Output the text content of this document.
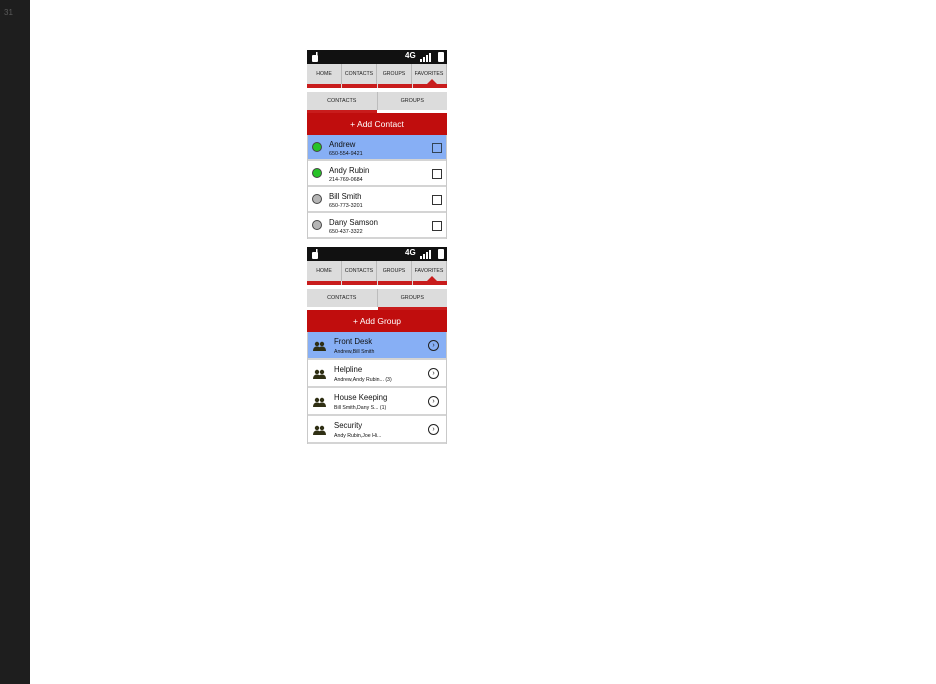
31
4G
HOME	CONTACTS	GROUPS	FAVORITES
CONTACTS	GROUPS
+ Add Contact
Andrew
650-554-9421
Andy Rubin
214-769-0684
Bill Smith
650-773-3201
Dany Samson
650-437-3322
4G
HOME	CONTACTS	GROUPS	FAVORITES
CONTACTS	GROUPS
+ Add Group
Front Desk
Andrew,Bill Smith
›
Helpline
Andrew,Andy Rubin... (3)
›
House Keeping
Bill Smith,Dany S... (1)
›
Security
Andy Rubin,Joe Hi...
›
